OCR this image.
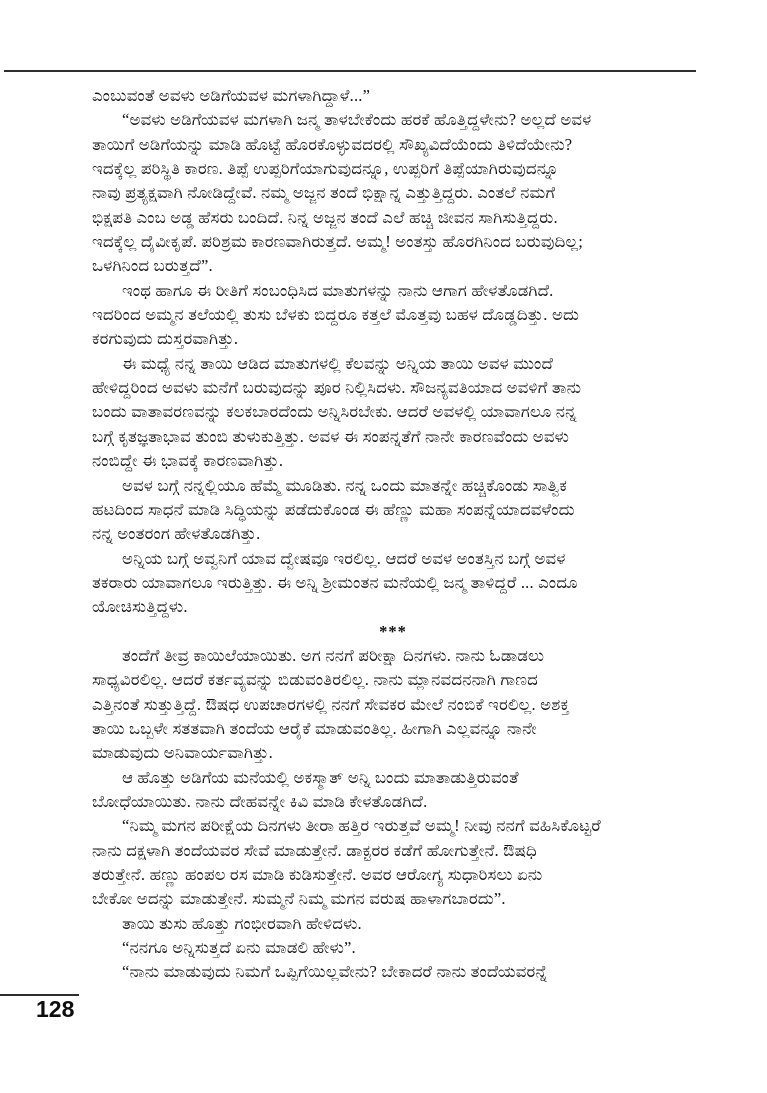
ಎಂಬುವಂತೆ ಅವಳು ಅಡಿಗೆಯವಳ ಮಗಳಾಗಿದ್ದಾಳೆ...”
“ಅವಳು ಅಡಿಗೆಯವಳ ಮಗಳಾಗಿ ಜನ್ಮ ತಾಳಬೇಕೆಂದು ಹರಕೆ ಹೊತ್ತಿದ್ದಳೇನು? ಅಲ್ಲದೆ ಅವಳ
ತಾಯಿಗೆ ಅಡಿಗೆಯನ್ನು ಮಾಡಿ ಹೊಟ್ಟೆ ಹೊರಕೊಳ್ಳುವದರಲ್ಲಿ ಸೌಖ್ಯವಿದೆಯೆಂದು ತಿಳಿದೆಯೇನು?
ಇದಕ್ಕೆಲ್ಲ ಪರಿಸ್ಥಿತಿ ಕಾರಣ. ತಿಪ್ಪೆ ಉಪ್ಪರಿಗೆಯಾಗುವುದನ್ನೂ, ಉಪ್ಪರಿಗೆ ತಿಪ್ಪೆಯಾಗಿರುವುದನ್ನೂ
ನಾವು ಪ್ರತ್ಯಕ್ಷವಾಗಿ ನೋಡಿದ್ದೇವೆ. ನಮ್ಮ ಅಜ್ಜನ ತಂದೆ ಭಿಕ್ಷಾನ್ನ ಎತ್ತುತ್ತಿದ್ದರು. ಎಂತಲೆ ನಮಗೆ
ಭಿಕ್ಷಪತಿ ಎಂಬ ಅಡ್ಡ ಹೆಸರು ಬಂದಿದೆ. ನಿನ್ನ ಅಜ್ಜನ ತಂದೆ ಎಲೆ ಹಚ್ಚಿ ಜೀವನ ಸಾಗಿಸುತ್ತಿದ್ದರು.
ಇದಕ್ಕೆಲ್ಲ ದೈವೀಕೃಪೆ. ಪರಿಶ್ರಮ ಕಾರಣವಾಗಿರುತ್ತದೆ. ಅಮ್ಮ! ಅಂತಸ್ತು ಹೊರಗಿನಿಂದ ಬರುವುದಿಲ್ಲ;
ಒಳಗಿನಿಂದ ಬರುತ್ತದೆ”.
ಇಂಥ ಹಾಗೂ ಈ ರೀತಿಗೆ ಸಂಬಂಧಿಸಿದ ಮಾತುಗಳನ್ನು ನಾನು ಆಗಾಗ ಹೇಳತೊಡಗಿದೆ.
ಇದರಿಂದ ಅಮ್ಮನ ತಲೆಯಲ್ಲಿ ತುಸು ಬೆಳಕು ಬಿದ್ದರೂ ಕತ್ತಲೆ ಮೊತ್ತವು ಬಹಳ ದೊಡ್ಡದಿತ್ತು. ಅದು
ಕರಗುವುದು ದುಸ್ತರವಾಗಿತ್ತು.
ಈ ಮಧ್ಯೆ ನನ್ನ ತಾಯಿ ಆಡಿದ ಮಾತುಗಳಲ್ಲಿ ಕೆಲವನ್ನು ಅನ್ನಿಯ ತಾಯಿ ಅವಳ ಮುಂದೆ
ಹೇಳಿದ್ದರಿಂದ ಅವಳು ಮನೆಗೆ ಬರುವುದನ್ನು ಪೂರ ನಿಲ್ಲಿಸಿದಳು. ಸೌಜನ್ಯವತಿಯಾದ ಅವಳಿಗೆ ತಾನು
ಬಂದು ವಾತಾವರಣವನ್ನು ಕಲಕಬಾರದೆಂದು ಅನ್ನಿಸಿರಬೇಕು. ಆದರೆ ಅವಳಲ್ಲಿ ಯಾವಾಗಲೂ ನನ್ನ
ಬಗ್ಗೆ ಕೃತಜ್ಞತಾಭಾವ ತುಂಬಿ ತುಳುಕುತ್ತಿತ್ತು. ಅವಳ ಈ ಸಂಪನ್ನತೆಗೆ ನಾನೇ ಕಾರಣವೆಂದು ಅವಳು
ನಂಬಿದ್ದೇ ಈ ಭಾವಕ್ಕೆ ಕಾರಣವಾಗಿತ್ತು.
ಅವಳ ಬಗ್ಗೆ ನನ್ನಲ್ಲಿಯೂ ಹೆಮ್ಮೆ ಮೂಡಿತು. ನನ್ನ ಒಂದು ಮಾತನ್ನೇ ಹಚ್ಚಿಕೊಂಡು ಸಾತ್ವಿಕ
ಹಟದಿಂದ ಸಾಧನೆ ಮಾಡಿ ಸಿದ್ಧಿಯನ್ನು ಪಡೆದುಕೊಂಡ ಈ ಹೆಣ್ಣು ಮಹಾ ಸಂಪನ್ನೆಯಾದವಳೆಂದು
ನನ್ನ ಅಂತರಂಗ ಹೇಳತೊಡಗಿತ್ತು.
ಅನ್ನಿಯ ಬಗ್ಗೆ ಅವ್ವನಿಗೆ ಯಾವ ದ್ವೇಷವೂ ಇರಲಿಲ್ಲ. ಆದರೆ ಅವಳ ಅಂತಸ್ತಿನ ಬಗ್ಗೆ ಅವಳ
ತಕರಾರು ಯಾವಾಗಲೂ ಇರುತ್ತಿತ್ತು. ಈ ಅನ್ನಿ ಶ್ರೀಮಂತನ ಮನೆಯಲ್ಲಿ ಜನ್ಮ ತಾಳಿದ್ದರೆ ... ಎಂದೂ
ಯೋಚಿಸುತ್ತಿದ್ದಳು.
***
ತಂದೆಗೆ ತೀವ್ರ ಕಾಯಿಲೆಯಾಯಿತು. ಅಗ ನನಗೆ ಪರೀಕ್ಷಾ ದಿನಗಳು. ನಾನು ಓಡಾಡಲು
ಸಾಧ್ಯವಿರಲಿಲ್ಲ. ಆದರೆ ಕರ್ತವ್ಯವನ್ನು ಬಿಡುವಂತಿರಲಿಲ್ಲ. ನಾನು ಮ್ಲಾನವದನನಾಗಿ ಗಾಣದ
ಎತ್ತಿನಂತೆ ಸುತ್ತುತ್ತಿದ್ದೆ. ಔಷಧ ಉಪಚಾರಗಳಲ್ಲಿ ನನಗೆ ಸೇವಕರ ಮೇಲೆ ನಂಬಿಕೆ ಇರಲಿಲ್ಲ. ಅಶಕ್ತ
ತಾಯಿ ಒಬ್ಬಳೇ ಸತತವಾಗಿ ತಂದೆಯ ಆರೈಕೆ ಮಾಡುವಂತಿಲ್ಲ. ಹೀಗಾಗಿ ಎಲ್ಲವನ್ನೂ ನಾನೇ
ಮಾಡುವುದು ಅನಿವಾರ್ಯವಾಗಿತ್ತು.
ಆ ಹೊತ್ತು ಅಡಿಗೆಯ ಮನೆಯಲ್ಲಿ ಅಕಸ್ಮಾತ್ ಅನ್ನಿ ಬಂದು ಮಾತಾಡುತ್ತಿರುವಂತೆ
ಬೋಧೆಯಾಯಿತು. ನಾನು ದೇಹವನ್ನೇ ಕಿವಿ ಮಾಡಿ ಕೇಳತೊಡಗಿದೆ.
“ನಿಮ್ಮ ಮಗನ ಪರೀಕ್ಷೆಯ ದಿನಗಳು ತೀರಾ ಹತ್ತಿರ ಇರುತ್ತವೆ ಅಮ್ಮ! ನೀವು ನನಗೆ ವಹಿಸಿಕೊಟ್ಟರೆ
ನಾನು ದಕ್ಷಳಾಗಿ ತಂದೆಯವರ ಸೇವೆ ಮಾಡುತ್ತೇನೆ. ಡಾಕ್ಟರರ ಕಡೆಗೆ ಹೋಗುತ್ತೇನೆ. ಔಷಧಿ
ತರುತ್ತೇನೆ. ಹಣ್ಣು ಹಂಪಲ ರಸ ಮಾಡಿ ಕುಡಿಸುತ್ತೇನೆ. ಅವರ ಆರೋಗ್ಯ ಸುಧಾರಿಸಲು ಏನು
ಬೇಕೋ ಅದನ್ನು ಮಾಡುತ್ತೇನೆ. ಸುಮ್ಮನೆ ನಿಮ್ಮ ಮಗನ ವರುಷ ಹಾಳಾಗಬಾರದು”.
ತಾಯಿ ತುಸು ಹೊತ್ತು ಗಂಭೀರವಾಗಿ ಹೇಳಿದಳು.
“ನನಗೂ ಅನ್ನಿಸುತ್ತದೆ ಏನು ಮಾಡಲಿ ಹೇಳು”.
“ನಾನು ಮಾಡುವುದು ನಿಮಗೆ ಒಪ್ಪಿಗೆಯಿಲ್ಲವೇನು? ಬೇಕಾದರೆ ನಾನು ತಂದೆಯವರನ್ನೆ
128
